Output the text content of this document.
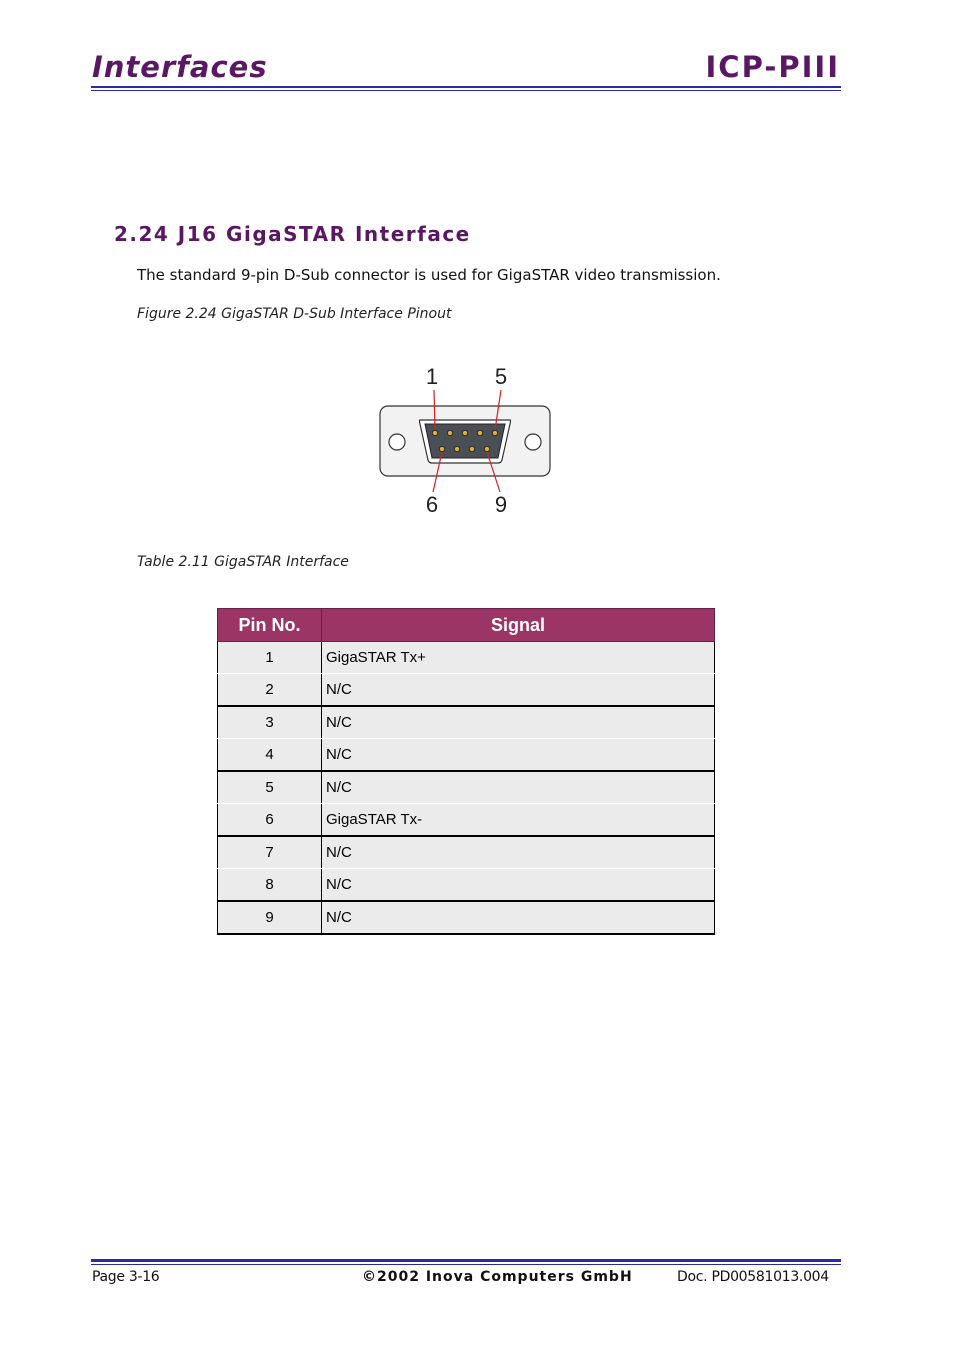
Interfaces	ICP-PIII
2.24 J16 GigaSTAR Interface
The standard 9-pin D-Sub connector is used for GigaSTAR video transmission.
Figure 2.24 GigaSTAR D-Sub Interface Pinout
1	5
6	9
Table 2.11 GigaSTAR Interface
Pin No.	Signal
1	GigaSTAR Tx+
2	N/C
3	N/C
4	N/C
5	N/C
6	GigaSTAR Tx-
7	N/C
8	N/C
9	N/C
Page 3-16	©2002 Inova Computers GmbH	Doc. PD00581013.004
